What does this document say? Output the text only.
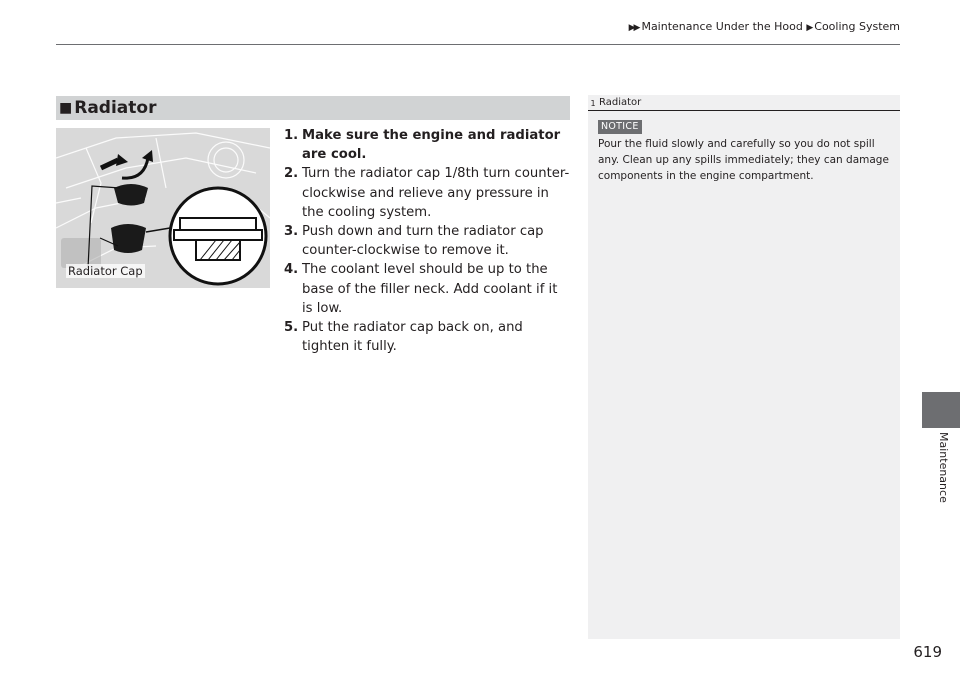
▶▶ Maintenance Under the Hood ▶ Cooling System
Maintenance
■ Radiator
Radiator Cap
1. Make sure the engine and radiator are cool.
2. Turn the radiator cap 1/8th turn counter-clockwise and relieve any pressure in the cooling system.
3. Push down and turn the radiator cap counter-clockwise to remove it.
4. The coolant level should be up to the base of the filler neck. Add coolant if it is low.
5. Put the radiator cap back on, and tighten it fully.
1 Radiator
NOTICE
Pour the fluid slowly and carefully so you do not spill any. Clean up any spills immediately; they can damage components in the engine compartment.
619
